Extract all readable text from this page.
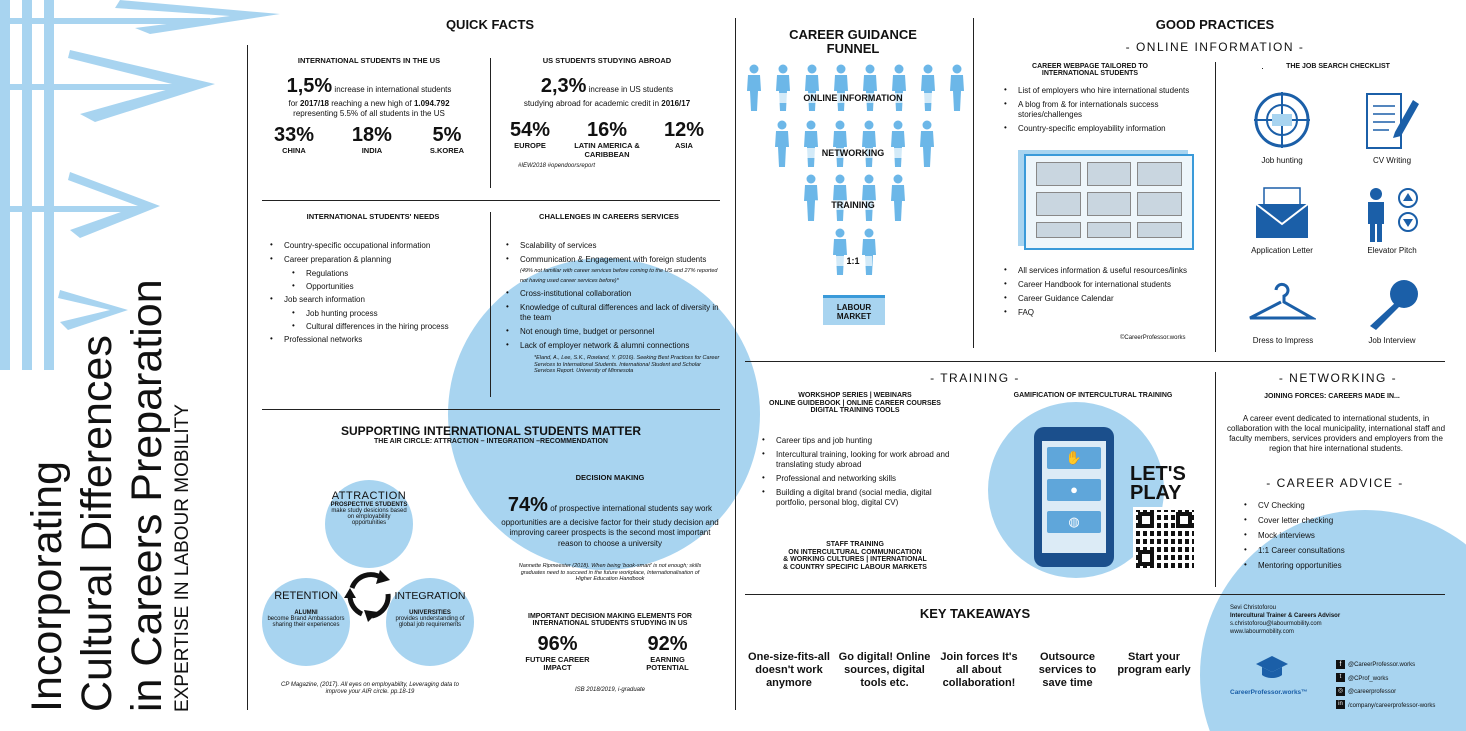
Incorporating Cultural Differences in Careers Preparation EXPERTISE IN LABOUR MOBILITY
QUICK FACTS
INTERNATIONAL STUDENTS IN THE US
1,5% increase in international students
for 2017/18 reaching a new high of 1.094.792
representing 5.5% of all students in the US
33%
CHINA
18%
INDIA
5%
S.KOREA
US STUDENTS STUDYING ABROAD
2,3% increase in US students
studying abroad for academic credit in 2016/17
54%
EUROPE
16%
LATIN AMERICA & CARIBBEAN
12%
ASIA
#IEW2018 #opendoorsreport
INTERNATIONAL STUDENTS' NEEDS
• Country-specific occupational information
• Career preparation & planning
• Regulations
• Opportunities
• Job search information
• Job hunting process
• Cultural differences in the hiring process
• Professional networks
CHALLENGES IN CAREERS SERVICES
• Scalability of services
• Communication & Engagement with foreign students
(49% not familiar with career services before coming to the US and 27% reported not having used career services before)*
• Cross-institutional collaboration
• Knowledge of cultural differences and lack of diversity in the team
• Not enough time, budget or personnel
• Lack of employer network & alumni connections
*Eland, A., Lee, S.K., Rowland, Y. (2016). Seeking Best Practices for Career Services to International Students. International Student and Scholar Services Report. University of Minnesota
SUPPORTING INTERNATIONAL STUDENTS MATTER
THE AIR CIRCLE: ATTRACTION – INTEGRATION –RECOMMENDATION
ATTRACTION
PROSPECTIVE STUDENTS
make study desicions based on employability opportunities
RETENTION
ALUMNI
become Brand Ambassadors sharing their experiences
INTEGRATION
UNIVERSITIES
provides understanding of global job requirements
CP Magazine, (2017). All eyes on employability, Leveraging data to improve your AIR circle. pp.18-19
DECISION MAKING
74% of prospective international students say work opportunities are a decisive factor for their study decision and improving career prospects is the second most important reason to choose a university
Nannette Ripmeester (2018). When being 'book-smart' is not enough; skills graduates need to succeed in the future workplace, Internationalisation of Higher Education Handbook
IMPORTANT DECISION MAKING ELEMENTS FOR INTERNATIONAL STUDENTS STUDYING IN US
96%
FUTURE CAREER IMPACT
92%
EARNING POTENTIAL
ISB 2018/2019, i-graduate
CAREER GUIDANCE FUNNEL
ONLINE INFORMATION
NETWORKING
TRAINING
1:1
LABOUR MARKET
GOOD PRACTICES
- ONLINE INFORMATION -
CAREER WEBPAGE TAILORED TO INTERNATIONAL STUDENTS
• List of employers who hire international students
• A blog from & for internationals success stories/challenges
• Country-specific employability information
• All services information & useful resources/links
• Career Handbook for international students
• Career Guidance Calendar
• FAQ
©CareerProfessor.works
THE JOB SEARCH CHECKLIST
Job hunting	CV Writing
Application Letter	Elevator Pitch
Dress to Impress	Job Interview
- TRAINING -
WORKSHOP SERIES | WEBINARS
ONLINE GUIDEBOOK | ONLINE CAREER COURSES
DIGITAL TRAINING TOOLS
• Career tips and job hunting
• Intercultural training, looking for work abroad and translating study abroad
• Professional and networking skills
• Building a digital brand (social media, digital portfolio, personal blog, digital CV)
STAFF TRAINING
ON INTERCULTURAL COMMUNICATION
& WORKING CULTURES | INTERNATIONAL
& COUNTRY SPECIFIC LABOUR MARKETS
GAMIFICATION OF INTERCULTURAL TRAINING
✋
●
◍
LET'S
PLAY
- NETWORKING -
JOINING FORCES: CAREERS MADE IN...
A career event dedicated to international students, in collaboration with the local municipality, international staff and faculty members, services providers and employers from the region that hire international students.
- CAREER ADVICE -
• CV Checking
• Cover letter checking
• Mock interviews
• 1:1 Career consultations
• Mentoring opportunities
KEY TAKEAWAYS
One-size-fits-all doesn't work anymore
Go digital! Online sources, digital tools etc.
Join forces It's all about collaboration!
Outsource services to save time
Start your program early
Sevi Christoforou
Intercultural Trainer & Careers Advisor
s.christoforou@labourmobility.com
www.labourmobility.com
CareerProfessor.works™
f @CareerProfessor.works
t @CProf_works
◎ @careerprofessor
in /company/careerprofessor-works
